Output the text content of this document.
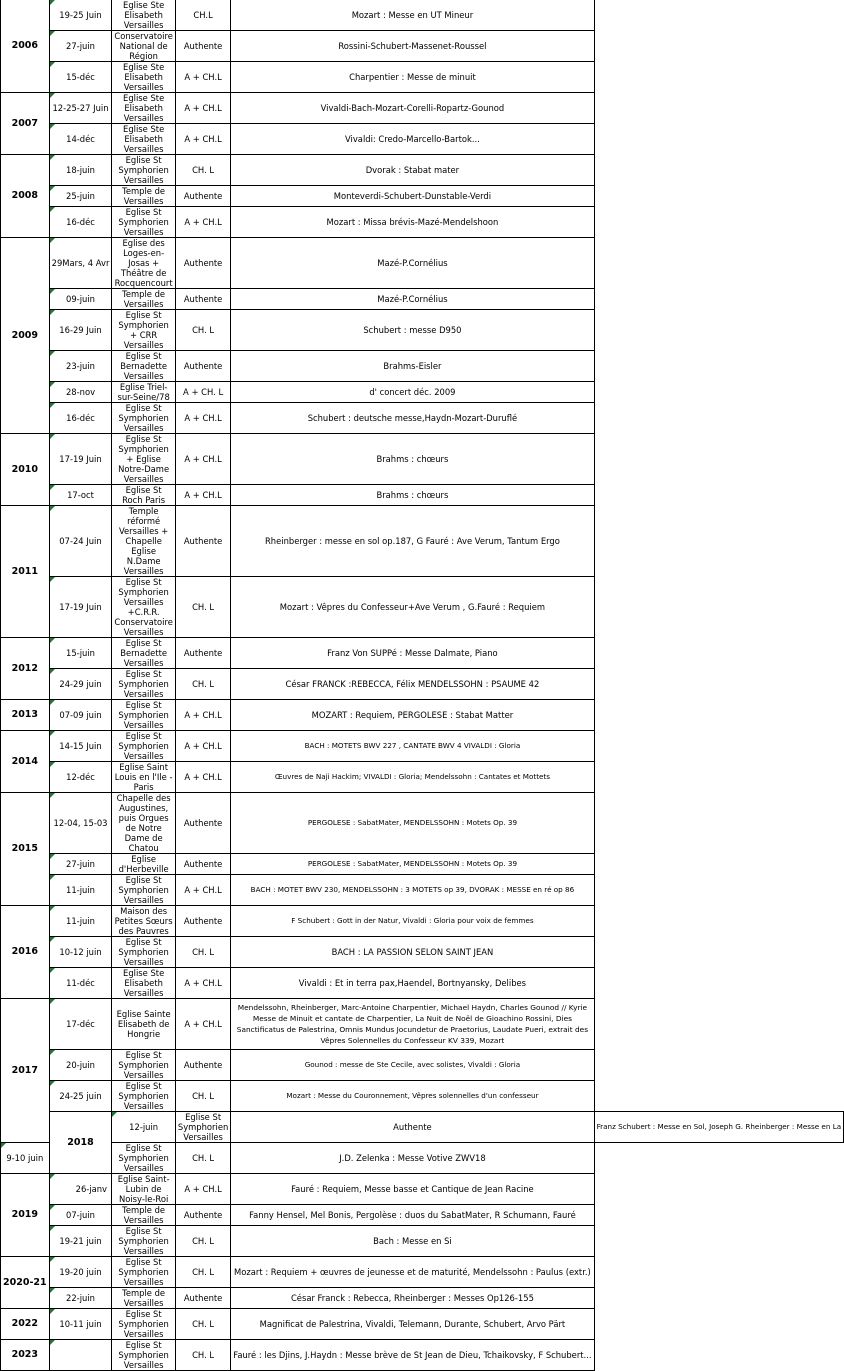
2006	19-25 Juin	Eglise Ste Elisabeth Versailles	CH.L	Mozart : Messe en UT Mineur	
	27-juin	Conservatoire National de Région	Authente	Rossini-Schubert-Massenet-Roussel	
	15-déc	Eglise Ste Elisabeth Versailles	A + CH.L	Charpentier : Messe de minuit	
2007	12-25-27 Juin	Eglise Ste Elisabeth Versailles	A + CH.L	Vivaldi-Bach-Mozart-Corelli-Ropartz-Gounod	
	14-déc	Eglise Ste Elisabeth Versailles	A + CH.L	Vivaldi: Credo-Marcello-Bartok...	
2008	18-juin	Eglise St Symphorien Versailles	CH. L	Dvorak : Stabat mater	
	25-juin	Temple de Versailles	Authente	Monteverdi-Schubert-Dunstable-Verdi	
	16-déc	Eglise St Symphorien Versailles	A + CH.L	Mozart : Missa brévis-Mazé-Mendelshoon	
2009	29Mars, 4 Avr	Eglise des Loges-en-Josas + Théâtre de Rocquencourt	Authente	Mazé-P.Cornélius	
	09-juin	Temple de Versailles	Authente	Mazé-P.Cornélius	
	16-29 Juin	Eglise St Symphorien + CRR Versailles	CH. L	Schubert : messe D950	
	23-juin	Eglise St Bernadette Versailles	Authente	Brahms-Eisler	
	28-nov	Eglise Triel-sur-Seine/78	A + CH. L	d' concert déc. 2009	
	16-déc	Eglise St Symphorien Versailles	A + CH.L	Schubert : deutsche messe,Haydn-Mozart-Duruflé	
2010	17-19 Juin	Eglise St Symphorien + Eglise Notre-Dame Versailles	A + CH.L	Brahms : chœurs	
	17-oct	Eglise St Roch Paris	A + CH.L	Brahms : chœurs	
2011	07-24 Juin	Temple réformé Versailles + Chapelle Eglise N.Dame Versailles	Authente	Rheinberger : messe en sol op.187, G Fauré : Ave Verum, Tantum Ergo	
	17-19 Juin	Eglise St Symphorien Versailles +C.R.R. Conservatoire Versailles	CH. L	Mozart : Vêpres du Confesseur+Ave Verum , G.Fauré : Requiem	
2012	15-juin	Eglise St Bernadette Versailles	Authente	Franz Von SUPPé : Messe Dalmate, Piano	
	24-29 juin	Eglise St Symphorien Versailles	CH. L	César FRANCK :REBECCA, Félix MENDELSSOHN : PSAUME 42	
2013	07-09 juin	Eglise St Symphorien Versailles	A + CH.L	MOZART : Requiem, PERGOLESE : Stabat Matter	
2014	14-15 Juin	Eglise St Symphorien Versailles	A + CH.L	BACH : MOTETS BWV 227 , CANTATE BWV 4 VIVALDI : Gloria	
	12-déc	Eglise Saint Louis en l'Ile - Paris	A + CH.L	Œuvres de Naji Hackim; VIVALDI : Gloria; Mendelssohn : Cantates et Mottets	
2015	12-04, 15-03	Chapelle des Augustines, puis Orgues de Notre Dame de Chatou	Authente	PERGOLESE : SabatMater, MENDELSSOHN : Motets Op. 39	
	27-juin	Eglise d'Herbeville	Authente	PERGOLESE : SabatMater, MENDELSSOHN : Motets Op. 39	
	11-juin	Eglise St Symphorien Versailles	A + CH.L	BACH : MOTET BWV 230, MENDELSSOHN : 3 MOTETS op 39, DVORAK : MESSE en ré op 86	
2016	11-juin	Maison des Petites Sœurs des Pauvres	Authente	F Schubert : Gott in der Natur, Vivaldi : Gloria pour voix de femmes	
	10-12 juin	Eglise St Symphorien Versailles	CH. L	BACH : LA PASSION SELON SAINT JEAN	
	11-déc	Eglise Ste Elisabeth Versailles	A + CH.L	Vivaldi : Et in terra pax,Haendel, Bortnyansky, Delibes	
2017	17-déc	Eglise Sainte Elisabeth de Hongrie	A + CH.L	Mendelssohn, Rheinberger, Marc-Antoine Charpentier, Michael Haydn, Charles Gounod // Kyrie Messe de Minuit et cantate de Charpentier, La Nuit de Noël de Gioachino Rossini, Dies Sanctificatus de Palestrina, Omnis Mundus Jocundetur de Praetorius, Laudate Pueri, extrait des Vêpres Solennelles du Confesseur KV 339, Mozart	
	20-juin	Eglise St Symphorien Versailles	Authente	Gounod : messe de Ste Cecile, avec solistes, Vivaldi : Gloria	
	24-25 juin	Eglise St Symphorien Versailles	CH. L	Mozart : Messe du Couronnement, Vêpres solennelles d'un confesseur	
	2018	12-juin	Eglise St Symphorien Versailles	Authente	Franz Schubert : Messe en Sol, Joseph G. Rheinberger : Messe en La
9-10 juin		Eglise St Symphorien Versailles	CH. L	J.D. Zelenka : Messe Votive ZWV18	
2019	26-janv	Eglise Saint-Lubin de Noisy-le-Roi	A + CH.L	Fauré : Requiem, Messe basse et Cantique de Jean Racine	
	07-juin	Temple de Versailles	Authente	Fanny Hensel, Mel Bonis, Pergolèse : duos du SabatMater, R Schumann, Fauré	
	19-21 juin	Eglise St Symphorien Versailles	CH. L	Bach : Messe en Si	
2020-21	19-20 juin	Eglise St Symphorien Versailles	CH. L	Mozart : Requiem + œuvres de jeunesse et de maturité, Mendelssohn : Paulus (extr.)	
	22-juin	Temple de Versailles	Authente	César Franck : Rebecca, Rheinberger : Messes Op126-155	
2022	10-11 juin	Eglise St Symphorien Versailles	CH. L	Magnificat de Palestrina, Vivaldi, Telemann, Durante, Schubert, Arvo Pärt	
2023		Eglise St Symphorien Versailles	CH. L	Fauré : les Djins, J.Haydn : Messe brève de St Jean de Dieu, Tchaikovsky, F Schubert...	
